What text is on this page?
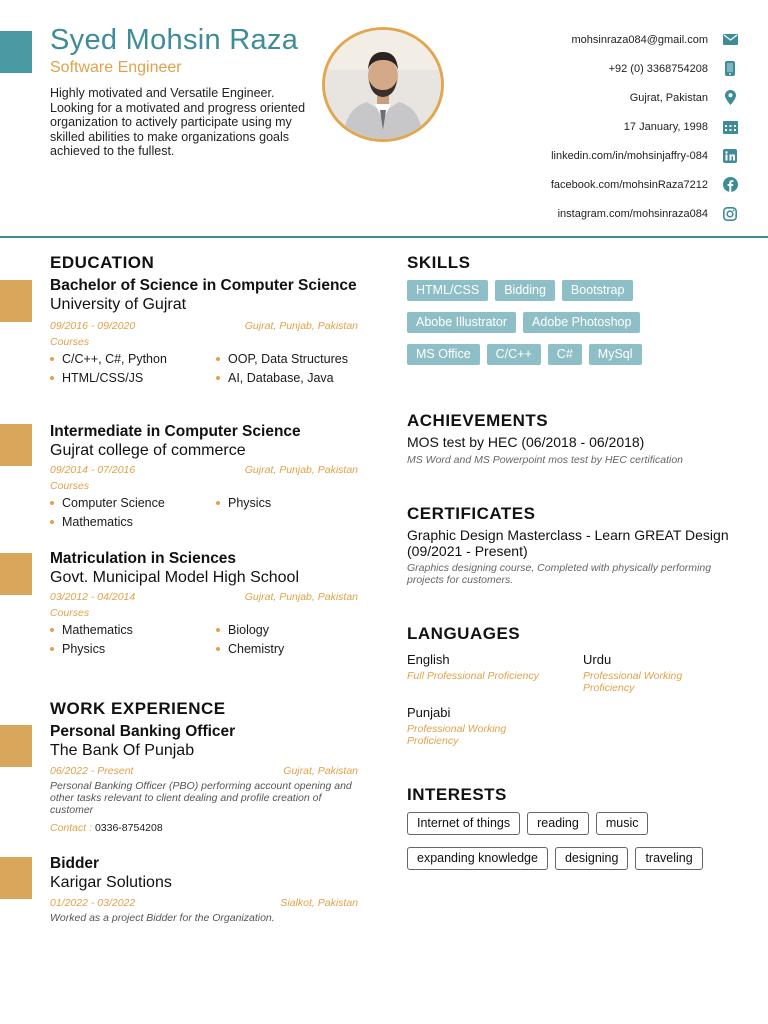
Syed Mohsin Raza
Software Engineer
Highly motivated and Versatile Engineer. Looking for a motivated and progress oriented organization to actively participate using my skilled abilities to make organizations goals achieved to the fullest.
mohsinraza084@gmail.com
+92 (0) 3368754208
Gujrat, Pakistan
17 January, 1998
linkedin.com/in/mohsinjaffry-084
facebook.com/mohsinRaza7212
instagram.com/mohsinraza084
EDUCATION
Bachelor of Science in Computer Science
University of Gujrat
09/2016 - 09/2020	Gujrat, Punjab, Pakistan
Courses
C/C++, C#, Python	OOP, Data Structures
HTML/CSS/JS	AI, Database, Java
Intermediate in Computer Science
Gujrat college of commerce
09/2014 - 07/2016	Gujrat, Punjab, Pakistan
Courses
Computer Science	Physics
Mathematics
Matriculation in Sciences
Govt. Municipal Model High School
03/2012 - 04/2014	Gujrat, Punjab, Pakistan
Courses
Mathematics	Biology
Physics	Chemistry
WORK EXPERIENCE
Personal Banking Officer
The Bank Of Punjab
06/2022 - Present	Gujrat, Pakistan
Personal Banking Officer (PBO) performing account opening and other tasks relevant to client dealing and profile creation of customer
Contact : 0336-8754208
Bidder
Karigar Solutions
01/2022 - 03/2022	Sialkot, Pakistan
Worked as a project Bidder for the Organization.
SKILLS
HTML/CSS	Bidding	Bootstrap
Abobe Illustrator	Adobe Photoshop
MS Office	C/C++	C#	MySql
ACHIEVEMENTS
MOS test by HEC (06/2018 - 06/2018)
MS Word and MS Powerpoint mos test by HEC certification
CERTIFICATES
Graphic Design Masterclass - Learn GREAT Design (09/2021 - Present)
Graphics designing course, Completed with physically performing projects for customers.
LANGUAGES
English
Full Professional Proficiency
Urdu
Professional Working Proficiency
Punjabi
Professional Working Proficiency
INTERESTS
Internet of things	reading	music
expanding knowledge	designing	traveling
